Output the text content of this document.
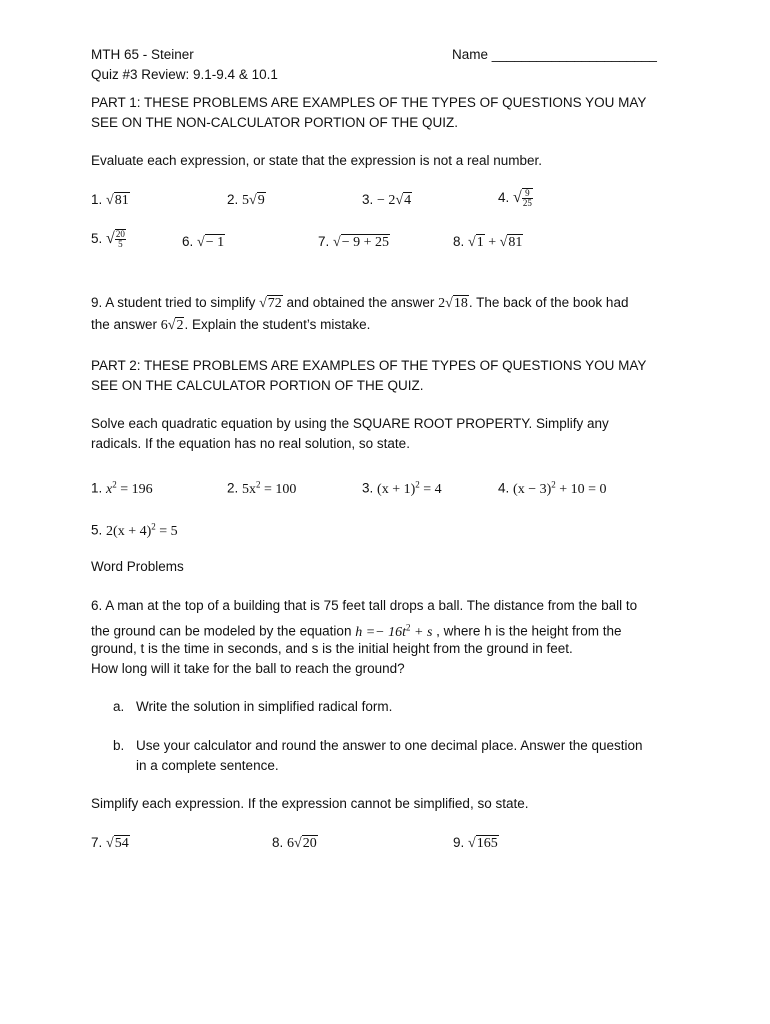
MTH 65 - Steiner	Name ______________________
Quiz #3 Review: 9.1-9.4 & 10.1
PART 1: THESE PROBLEMS ARE EXAMPLES OF THE TYPES OF QUESTIONS YOU MAY
SEE ON THE NON-CALCULATOR PORTION OF THE QUIZ.
Evaluate each expression, or state that the expression is not a real number.
1. √81	2. 5√9	3. − 2√4	4. √ $\frac{9}{25}$
5. √ $\frac{20}{5}$	6. √− 1	7. √− 9 + 25	8. √1 + √81
9. A student tried to simplify √72 and obtained the answer 2√18. The back of the book had
the answer 6√2. Explain the student’s mistake.
PART 2: THESE PROBLEMS ARE EXAMPLES OF THE TYPES OF QUESTIONS YOU MAY
SEE ON THE CALCULATOR PORTION OF THE QUIZ.
Solve each quadratic equation by using the SQUARE ROOT PROPERTY. Simplify any
radicals. If the equation has no real solution, so state.
1. $x^2 = 196$	2. $5x^2 = 100$	3. $(x + 1)^2 = 4$	4. $(x - 3)^2 + 10 = 0$
5. $2(x + 4)^2 = 5$
Word Problems
6. A man at the top of a building that is 75 feet tall drops a ball. The distance from the ball to
the ground can be modeled by the equation $h =- 16t^2 + s$ , where h is the height from the
ground, t is the time in seconds, and s is the initial height from the ground in feet.
How long will it take for the ball to reach the ground?
a. Write the solution in simplified radical form.
b. Use your calculator and round the answer to one decimal place. Answer the question
in a complete sentence.
Simplify each expression. If the expression cannot be simplified, so state.
7. √54	8. 6√20	9. √165
